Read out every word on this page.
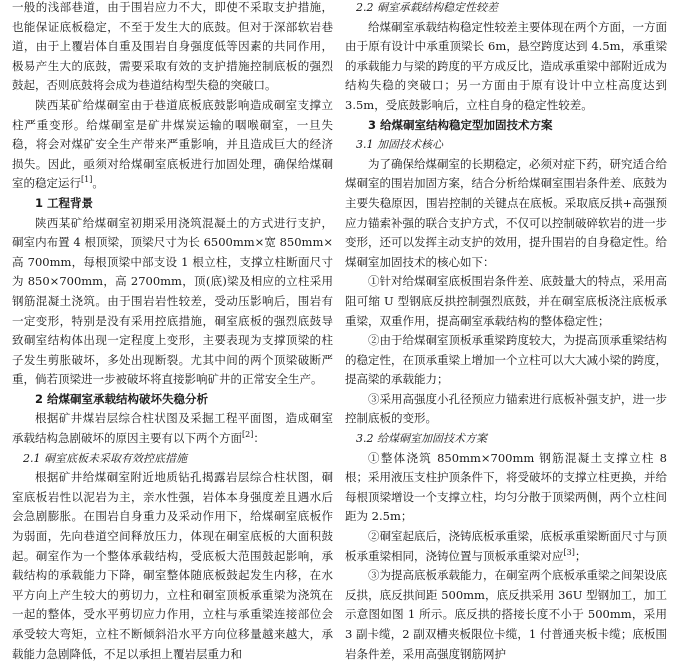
一般的浅部巷道，由于围岩应力不大，即使不采取支护措施，也能保证底板稳定，不至于发生大的底鼓。但对于深部软岩巷道，由于上覆岩体自重及围岩自身强度低等因素的共同作用，极易产生大的底鼓，需要采取有效的支护措施控制底板的强烈鼓起，否则底鼓将会成为巷道结构型失稳的突破口。

陕西某矿给煤硐室由于巷道底板底鼓影响造成硐室支撑立柱严重变形。给煤硐室是矿井煤炭运输的咽喉硐室，一旦失稳，将会对煤矿安全生产带来严重影响，并且造成巨大的经济损失。因此，亟须对给煤硐室底板进行加固处理，确保给煤硐室的稳定运行[1]。

1 工程背景

陕西某矿给煤硐室初期采用浇筑混凝土的方式进行支护，硐室内布置 4 根顶梁，顶梁尺寸为长 6500mm×宽 850mm×高 700mm，每根顶梁中部支设 1 根立柱，支撑立柱断面尺寸为 850×700mm，高 2700mm，顶(底)梁及相应的立柱采用钢筋混凝土浇筑。由于围岩岩性较差，受动压影响后，围岩有一定变形，特别是没有采用控底措施，硐室底板的强烈底鼓导致硐室结构体出现一定程度上变形，主要表现为支撑顶梁的柱子发生剪胀破坏，多处出现断裂。尤其中间的两个顶梁破断严重，倘若顶梁进一步被破坏将直接影响矿井的正常安全生产。

2 给煤硐室承载结构破坏失稳分析

根据矿井煤岩层综合柱状图及采掘工程平面图，造成硐室承载结构急剧破坏的原因主要有以下两个方面[2]：

2.1 硐室底板未采取有效控底措施

根据矿井给煤硐室附近地质钻孔揭露岩层综合柱状图，硐室底板岩性以泥岩为主，亲水性强，岩体本身强度差且遇水后会急剧膨胀。在围岩自身重力及采动作用下，给煤硐室底板作为弱面，先向巷道空间释放压力，体现在硐室底板的大面积鼓起。硐室作为一个整体承载结构，受底板大范围鼓起影响，承载结构的承载能力下降，硐室整体随底板鼓起发生内移，在水平方向上产生较大的剪切力，立柱和硐室顶板承重梁为浇筑在一起的整体，受水平剪切应力作用，立柱与承重梁连接部位会承受较大弯矩，立柱不断倾斜沿水平方向位移量越来越大，承载能力急剧降低，不足以承担上覆岩层重力和

2.2 硐室承载结构稳定性较差

给煤硐室承载结构稳定性较差主要体现在两个方面，一方面由于原有设计中承重顶梁长 6m，悬空跨度达到 4.5m，承重梁的承载能力与梁的跨度的平方成反比，造成承重梁中部附近成为结构失稳的突破口；另一方面由于原有设计中立柱高度达到 3.5m，受底鼓影响后，立柱自身的稳定性较差。

3 给煤硐室结构稳定型加固技术方案
3.1 加固技术核心

为了确保给煤硐室的长期稳定，必须对症下药，研究适合给煤硐室的围岩加固方案，结合分析给煤硐室围岩条件差、底鼓为主要失稳原因，围岩控制的关键点在底板。采取底反拱+高强预应力锚索补强的联合支护方式，不仅可以控制破碎软岩的进一步变形，还可以发挥主动支护的效用，提升围岩的自身稳定性。给煤硐室加固技术的核心如下：

①针对给煤硐室底板围岩条件差、底鼓量大的特点，采用高阻可缩 U 型钢底反拱控制强烈底鼓，并在硐室底板浇注底板承重梁，双重作用，提高硐室承载结构的整体稳定性；

②由于给煤硐室顶板承重梁跨度较大，为提高顶承重梁结构的稳定性，在顶承重梁上增加一个立柱可以大大减小梁的跨度，提高梁的承载能力；

③采用高强度小孔径预应力锚索进行底板补强支护，进一步控制底板的变形。

3.2 给煤硐室加固技术方案

①整体浇筑 850mm×700mm 钢筋混凝土支撑立柱 8 根；采用液压支柱护顶条件下，将受破坏的支撑立柱更换，并给每根顶梁增设一个支撑立柱，均匀分散于顶梁两侧，两个立柱间距为 2.5m；

②硐室起底后，浇铸底板承重梁，底板承重梁断面尺寸与顶板承重梁相同，浇铸位置与顶板承重梁对应[3]；

③为提高底板承载能力，在硐室两个底板承重梁之间架设底反拱，底反拱间距 500mm，底反拱采用 36U 型钢加工，加工示意图如图 1 所示。底反拱的搭接长度不小于 500mm，采用 3 副卡缆，2 副双槽夹板限位卡缆，1 付普通夹板卡缆；底板围岩条件差，采用高强度钢筋网护
